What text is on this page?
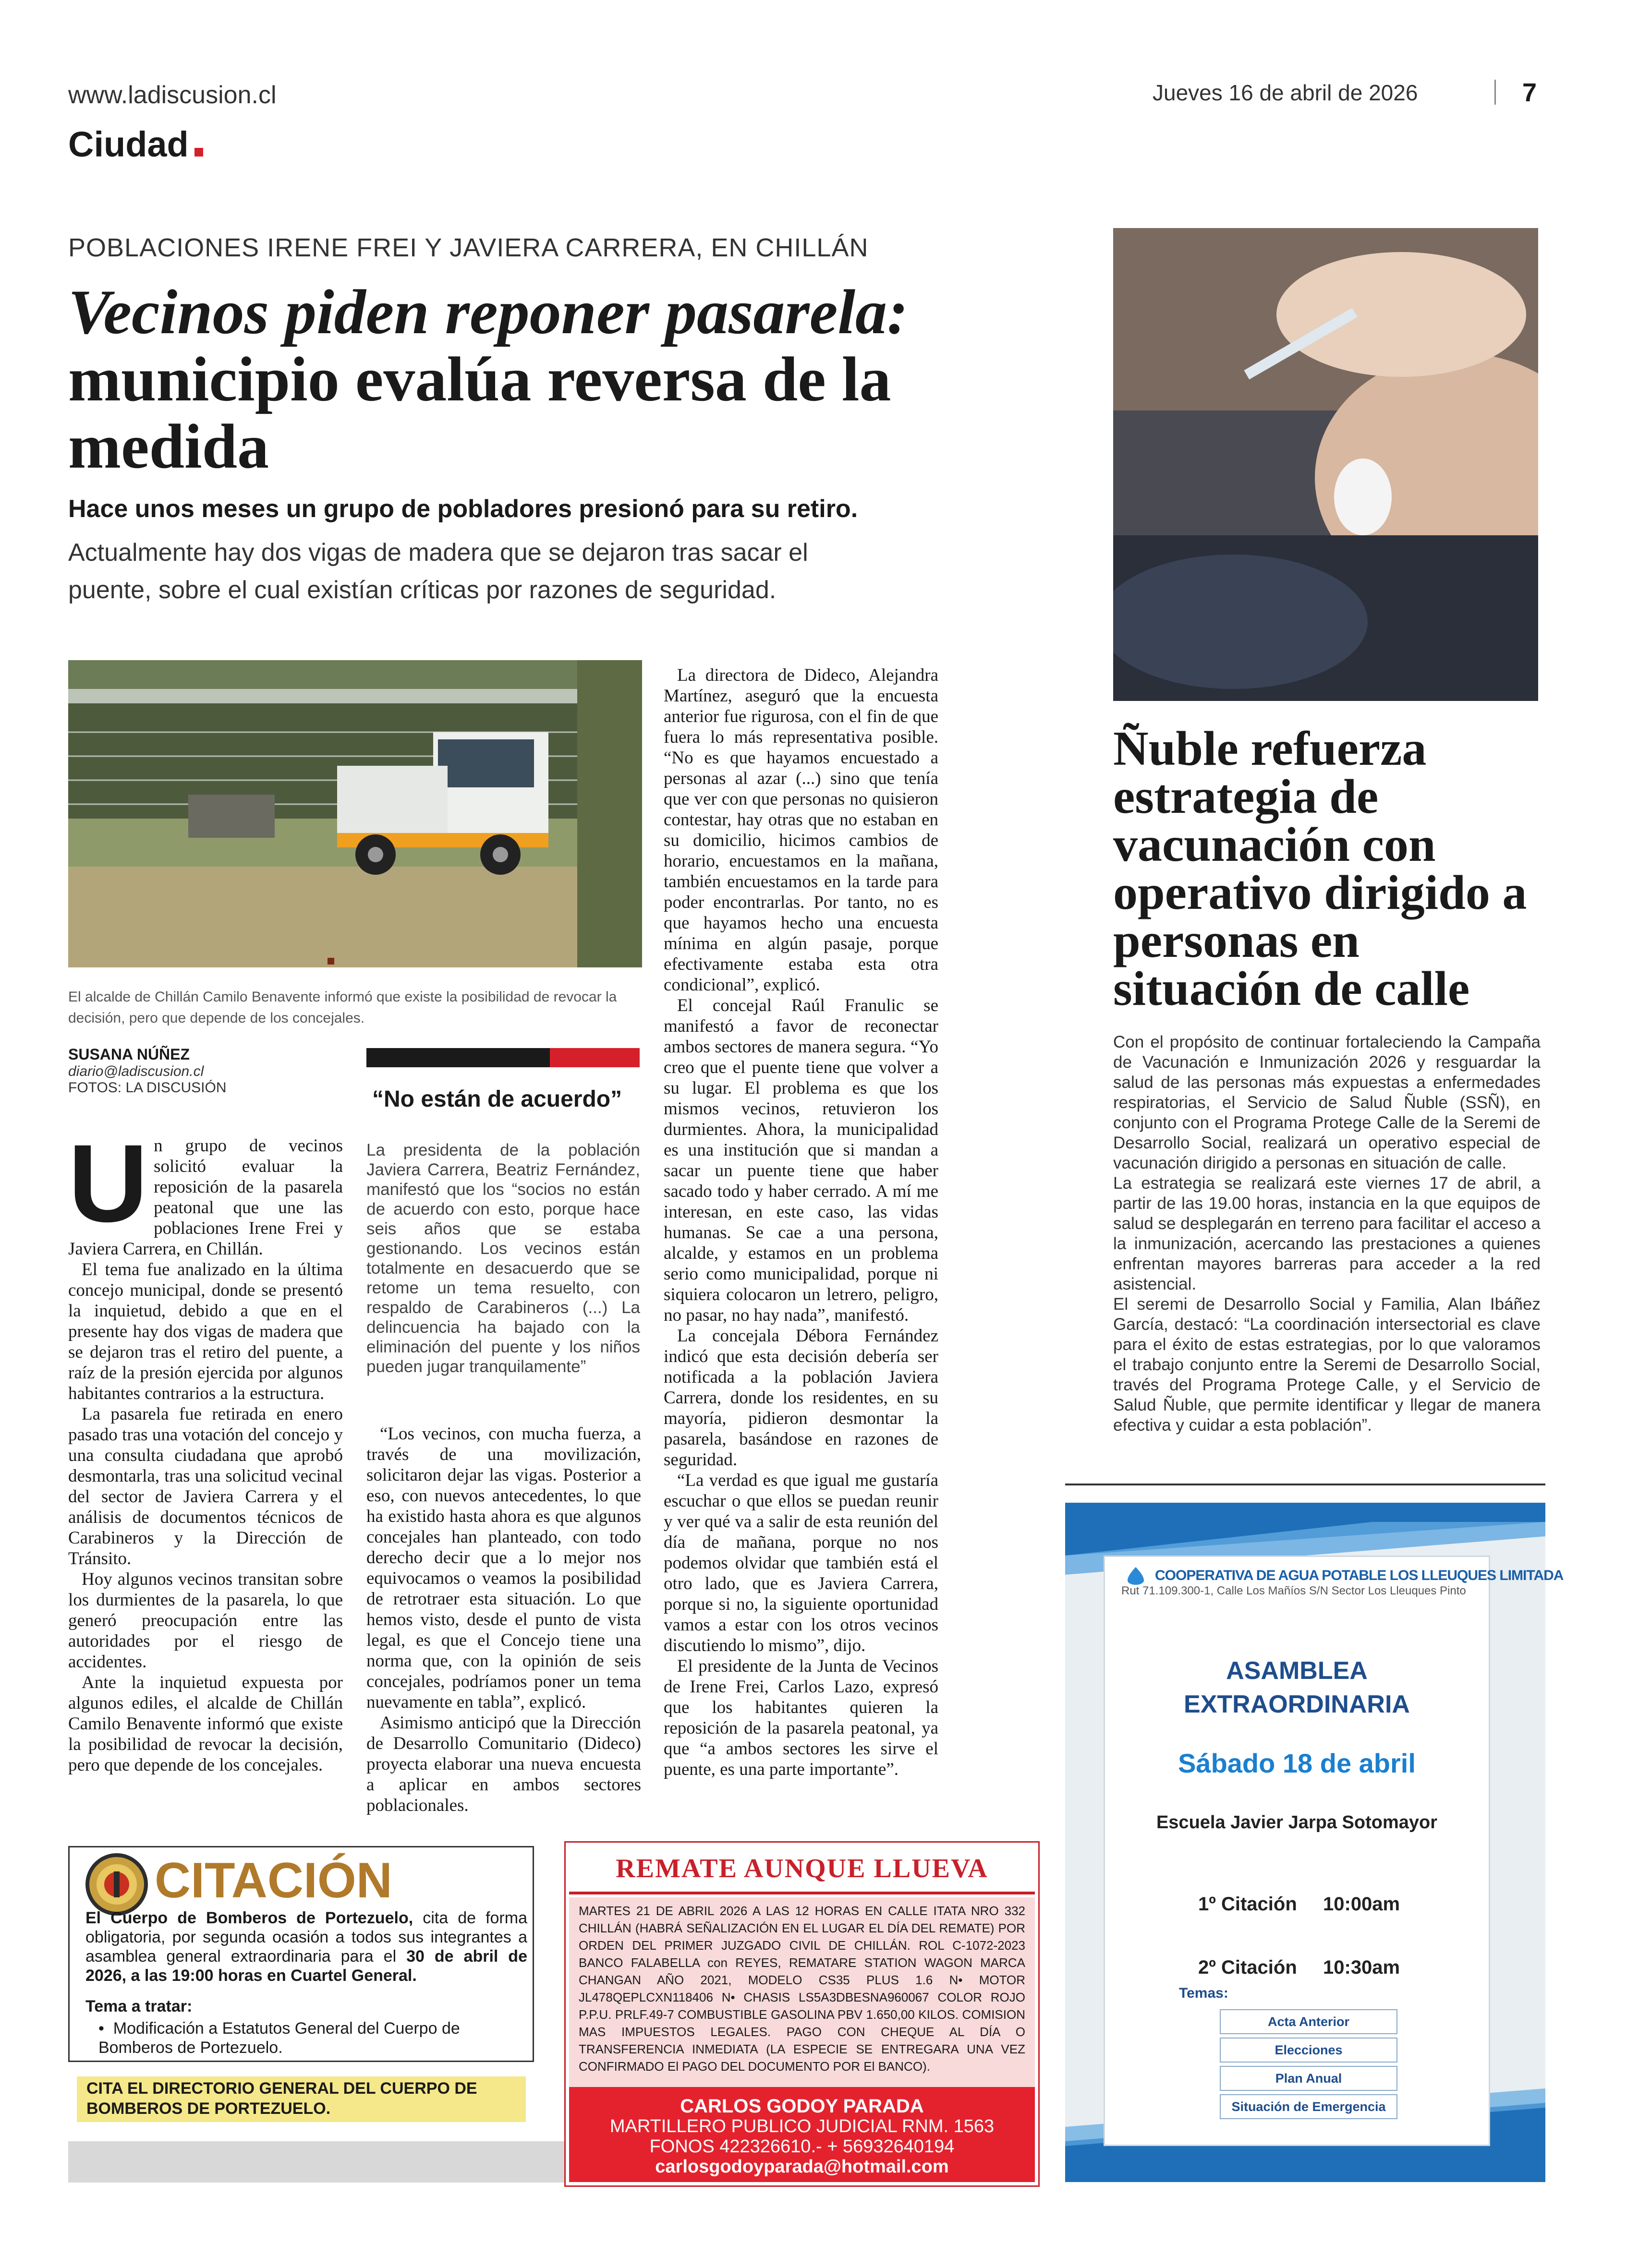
www.ladiscusion.cl	Jueves 16 de abril de 2026	7
Ciudad
POBLACIONES IRENE FREI Y JAVIERA CARRERA, EN CHILLÁN
Vecinos piden reponer pasarela: municipio evalúa reversa de la medida
Hace unos meses un grupo de pobladores presionó para su retiro.
Actualmente hay dos vigas de madera que se dejaron tras sacar el puente, sobre el cual existían críticas por razones de seguridad.
El alcalde de Chillán Camilo Benavente informó que existe la posibilidad de revocar la decisión, pero que depende de los concejales.
SUSANA NÚÑEZ
diario@ladiscusion.cl
FOTOS: LA DISCUSIÓN
U n grupo de vecinos solicitó evaluar la reposición de la pasarela peatonal que une las poblaciones Irene Frei y Javiera Carrera, en Chillán.

El tema fue analizado en la última concejo municipal, donde se presentó la inquietud, debido a que en el presente hay dos vigas de madera que se dejaron tras el retiro del puente, a raíz de la presión ejercida por algunos habitantes contrarios a la estructura.

La pasarela fue retirada en enero pasado tras una votación del concejo y una consulta ciudadana que aprobó desmontarla, tras una solicitud vecinal del sector de Javiera Carrera y el análisis de documentos técnicos de Carabineros y la Dirección de Tránsito.

Hoy algunos vecinos transitan sobre los durmientes de la pasarela, lo que generó preocupación entre las autoridades por el riesgo de accidentes.

Ante la inquietud expuesta por algunos ediles, el alcalde de Chillán Camilo Benavente informó que existe la posibilidad de revocar la decisión, pero que depende de los concejales.

“No están de acuerdo”
La presidenta de la población Javiera Carrera, Beatriz Fernández, manifestó que los “socios no están de acuerdo con esto, porque hace seis años que se estaba gestionando. Los vecinos están totalmente en desacuerdo que se retome un tema resuelto, con respaldo de Carabineros (...) La delincuencia ha bajado con la eliminación del puente y los niños pueden jugar tranquilamente”

“Los vecinos, con mucha fuerza, a través de una movilización, solicitaron dejar las vigas. Posterior a eso, con nuevos antecedentes, lo que ha existido hasta ahora es que algunos concejales han planteado, con todo derecho decir que a lo mejor nos equivocamos o veamos la posibilidad de retrotraer esta situación. Lo que hemos visto, desde el punto de vista legal, es que el Concejo tiene una norma que, con la opinión de seis concejales, podríamos poner un tema nuevamente en tabla”, explicó.

Asimismo anticipó que la Dirección de Desarrollo Comunitario (Dideco) proyecta elaborar una nueva encuesta a aplicar en ambos sectores poblacionales.

La directora de Dideco, Alejandra Martínez, aseguró que la encuesta anterior fue rigurosa, con el fin de que fuera lo más representativa posible. “No es que hayamos encuestado a personas al azar (...) sino que tenía que ver con que personas no quisieron contestar, hay otras que no estaban en su domicilio, hicimos cambios de horario, encuestamos en la mañana, también encuestamos en la tarde para poder encontrarlas. Por tanto, no es que hayamos hecho una encuesta mínima en algún pasaje, porque efectivamente estaba esta otra condicional”, explicó.

El concejal Raúl Franulic se manifestó a favor de reconectar ambos sectores de manera segura. “Yo creo que el puente tiene que volver a su lugar. El problema es que los mismos vecinos, retuvieron los durmientes. Ahora, la municipalidad es una institución que si mandan a sacar un puente tiene que haber sacado todo y haber cerrado. A mí me interesan, en este caso, las vidas humanas. Se cae a una persona, alcalde, y estamos en un problema serio como municipalidad, porque ni siquiera colocaron un letrero, peligro, no pasar, no hay nada”, manifestó.

La concejala Débora Fernández indicó que esta decisión debería ser notificada a la población Javiera Carrera, donde los residentes, en su mayoría, pidieron desmontar la pasarela, basándose en razones de seguridad.

“La verdad es que igual me gustaría escuchar o que ellos se puedan reunir y ver qué va a salir de esta reunión del día de mañana, porque no nos podemos olvidar que también está el otro lado, que es Javiera Carrera, porque si no, la siguiente oportunidad vamos a estar con los otros vecinos discutiendo lo mismo”, dijo.

El presidente de la Junta de Vecinos de Irene Frei, Carlos Lazo, expresó que los habitantes quieren la reposición de la pasarela peatonal, ya que “a ambos sectores les sirve el puente, es una parte importante”.

Ñuble refuerza estrategia de vacunación con operativo dirigido a personas en situación de calle

Con el propósito de continuar fortaleciendo la Campaña de Vacunación e Inmunización 2026 y resguardar la salud de las personas más expuestas a enfermedades respiratorias, el Servicio de Salud Ñuble (SSÑ), en conjunto con el Programa Protege Calle de la Seremi de Desarrollo Social, realizará un operativo especial de vacunación dirigido a personas en situación de calle.

La estrategia se realizará este viernes 17 de abril, a partir de las 19.00 horas, instancia en la que equipos de salud se desplegarán en terreno para facilitar el acceso a la inmunización, acercando las prestaciones a quienes enfrentan mayores barreras para acceder a la red asistencial.

El seremi de Desarrollo Social y Familia, Alan Ibáñez García, destacó: “La coordinación intersectorial es clave para el éxito de estas estrategias, por lo que valoramos el trabajo conjunto entre la Seremi de Desarrollo Social, través del Programa Protege Calle, y el Servicio de Salud Ñuble, que permite identificar y llegar de manera efectiva y cuidar a esta población”.

COOPERATIVA DE AGUA POTABLE LOS LLEUQUES LIMITADA
Rut 71.109.300-1, Calle Los Mañíos S/N Sector Los Lleuques Pinto
ASAMBLEA
EXTRAORDINARIA
Sábado 18 de abril
Escuela Javier Jarpa Sotomayor
1º Citación 10:00am
2º Citación 10:30am
Temas:
Acta Anterior
Elecciones
Plan Anual
Situación de Emergencia
CITACIÓN
El Cuerpo de Bomberos de Portezuelo, cita de forma obligatoria, por segunda ocasión a todos sus integrantes a asamblea general extraordinaria para el 30 de abril de 2026, a las 19:00 horas en Cuartel General.
Tema a tratar:
•  Modificación a Estatutos General del Cuerpo de Bomberos de Portezuelo.
CITA EL DIRECTORIO GENERAL DEL CUERPO DE BOMBEROS DE PORTEZUELO.
REMATE AUNQUE LLUEVA
MARTES 21 DE ABRIL 2026 A LAS 12 HORAS EN CALLE ITATA NRO 332 CHILLÁN (HABRÁ SEÑALIZACIÓN EN EL LUGAR EL DÍA DEL REMATE) POR ORDEN DEL PRIMER JUZGADO CIVIL DE CHILLÁN. ROL C-1072-2023 BANCO FALABELLA con REYES, REMATARE STATION WAGON MARCA CHANGAN AÑO 2021, MODELO CS35 PLUS 1.6 N• MOTOR JL478QEPLCXN118406 N• CHASIS LS5A3DBESNA960067 COLOR ROJO P.P.U. PRLF.49-7 COMBUSTIBLE GASOLINA PBV 1.650,00 KILOS. COMISION MAS IMPUESTOS LEGALES. PAGO CON CHEQUE AL DÍA O TRANSFERENCIA INMEDIATA (LA ESPECIE SE ENTREGARA UNA VEZ CONFIRMADO El PAGO DEL DOCUMENTO POR El BANCO).
CARLOS GODOY PARADA
MARTILLERO PUBLICO JUDICIAL RNM. 1563
FONOS 422326610.- + 56932640194
carlosgodoyparada@hotmail.com
